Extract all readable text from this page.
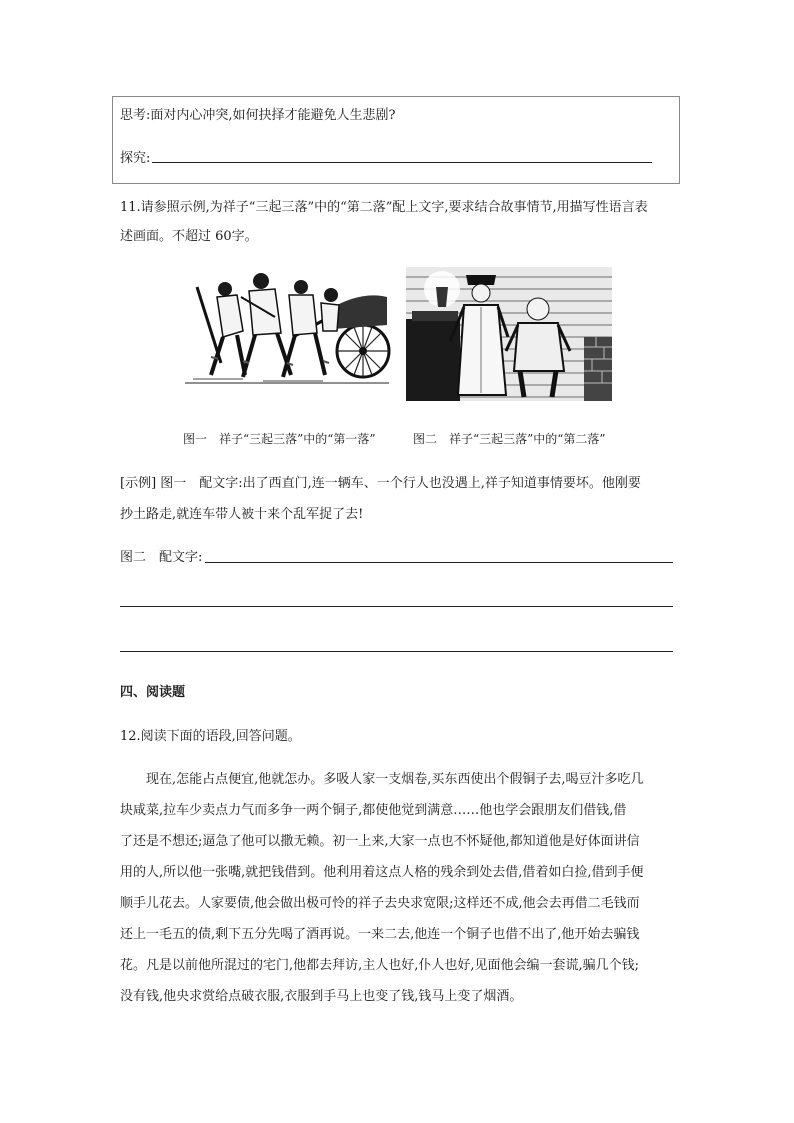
思考:面对内心冲突,如何抉择才能避免人生悲剧?
探究:
11.请参照示例,为祥子“三起三落”中的“第二落”配上文字,要求结合故事情节,用描写性语言表
述画面。不超过 60字。
图一　祥子“三起三落”中的“第一落”	图二　祥子“三起三落”中的“第二落”
[示例] 图一　配文字:出了西直门,连一辆车、一个行人也没遇上,祥子知道事情要坏。他刚要
抄土路走,就连车带人被十来个乱军捉了去!
图二　配文字:
四、阅读题
12.阅读下面的语段,回答问题。
　　现在,怎能占点便宜,他就怎办。多吸人家一支烟卷,买东西使出个假铜子去,喝豆汁多吃几
块咸菜,拉车少卖点力气而多争一两个铜子,都使他觉到满意……他也学会跟朋友们借钱,借
了还是不想还;逼急了他可以撒无赖。初一上来,大家一点也不怀疑他,都知道他是好体面讲信
用的人,所以他一张嘴,就把钱借到。他利用着这点人格的残余到处去借,借着如白捡,借到手便
顺手儿花去。人家要债,他会做出极可怜的祥子去央求宽限;这样还不成,他会去再借二毛钱而
还上一毛五的债,剩下五分先喝了酒再说。一来二去,他连一个铜子也借不出了,他开始去骗钱
花。凡是以前他所混过的宅门,他都去拜访,主人也好,仆人也好,见面他会编一套谎,骗几个钱;
没有钱,他央求赏给点破衣服,衣服到手马上也变了钱,钱马上变了烟酒。
